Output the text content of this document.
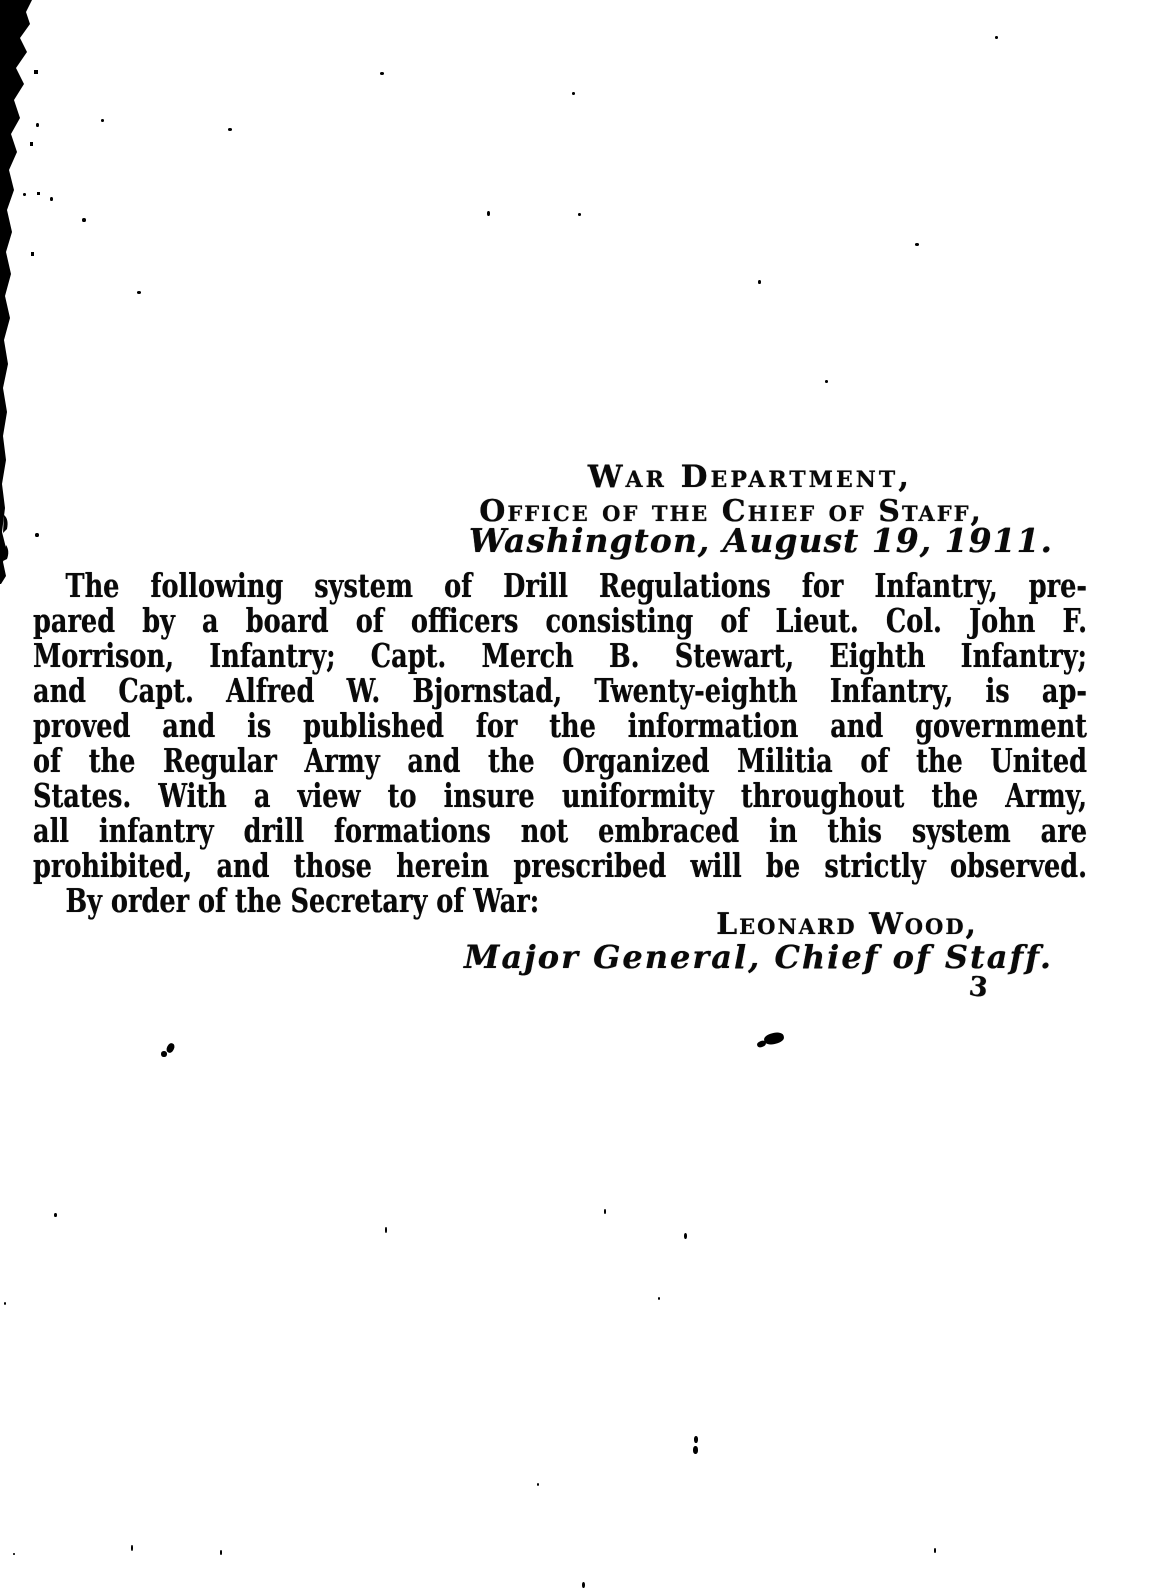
War Department,
Office of the Chief of Staff,
Washington, August 19, 1911.
The following system of Drill Regulations for Infantry, pre-
pared by a board of officers consisting of Lieut. Col. John F.
Morrison, Infantry; Capt. Merch B. Stewart, Eighth Infantry;
and Capt. Alfred W. Bjornstad, Twenty-eighth Infantry, is ap-
proved and is published for the information and government
of the Regular Army and the Organized Militia of the United
States. With a view to insure uniformity throughout the Army,
all infantry drill formations not embraced in this system are
prohibited, and those herein prescribed will be strictly observed.
By order of the Secretary of War:
Leonard Wood,
Major General, Chief of Staff.
3
